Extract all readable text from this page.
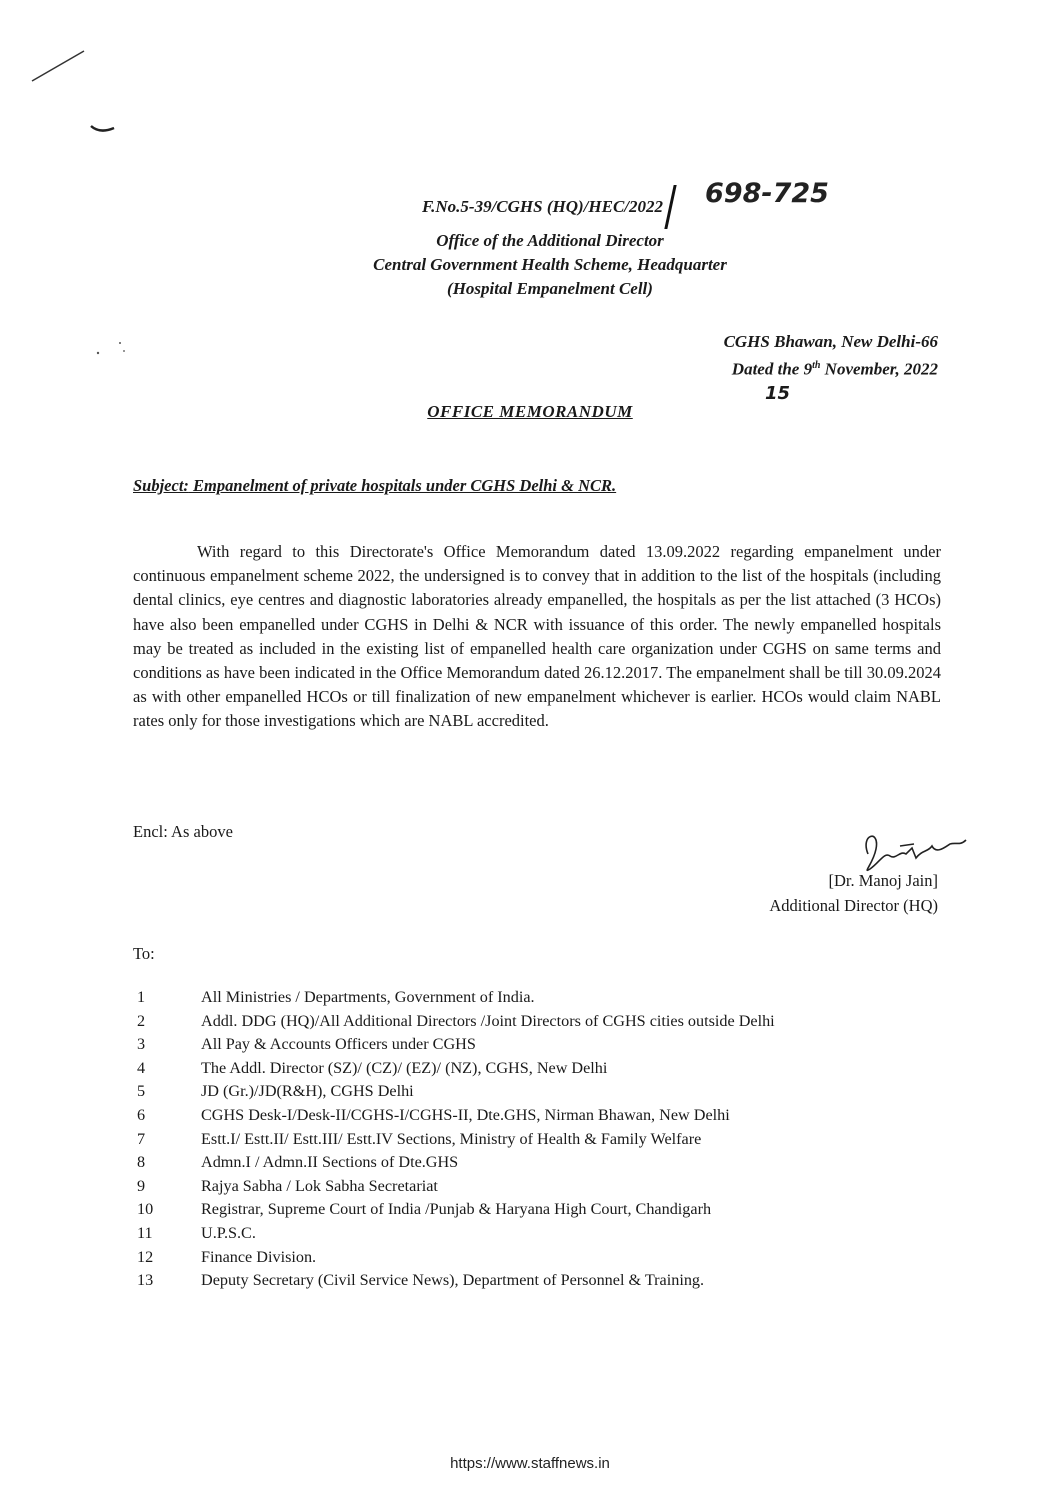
F.No.5-39/CGHS (HQ)/HEC/2022
Office of the Additional Director
Central Government Health Scheme, Headquarter
(Hospital Empanelment Cell)
698-725
CGHS Bhawan, New Delhi-66
Dated the 9th November, 2022
15
OFFICE MEMORANDUM
Subject: Empanelment of private hospitals under CGHS Delhi & NCR.
With regard to this Directorate's Office Memorandum dated 13.09.2022 regarding empanelment under continuous empanelment scheme 2022, the undersigned is to convey that in addition to the list of the hospitals (including dental clinics, eye centres and diagnostic laboratories already empanelled, the hospitals as per the list attached (3 HCOs) have also been empanelled under CGHS in Delhi & NCR with issuance of this order. The newly empanelled hospitals may be treated as included in the existing list of empanelled health care organization under CGHS on same terms and conditions as have been indicated in the Office Memorandum dated 26.12.2017. The empanelment shall be till 30.09.2024 as with other empanelled HCOs or till finalization of new empanelment whichever is earlier. HCOs would claim NABL rates only for those investigations which are NABL accredited.
Encl: As above
[Dr. Manoj Jain]
Additional Director (HQ)
To:
1	All Ministries / Departments, Government of India.
2	Addl. DDG (HQ)/All Additional Directors /Joint Directors of CGHS cities outside Delhi
3	All Pay & Accounts Officers under CGHS
4	The Addl. Director (SZ)/ (CZ)/ (EZ)/ (NZ), CGHS, New Delhi
5	JD (Gr.)/JD(R&H), CGHS Delhi
6	CGHS Desk-I/Desk-II/CGHS-I/CGHS-II, Dte.GHS, Nirman Bhawan, New Delhi
7	Estt.I/ Estt.II/ Estt.III/ Estt.IV Sections, Ministry of Health & Family Welfare
8	Admn.I / Admn.II Sections of Dte.GHS
9	Rajya Sabha / Lok Sabha Secretariat
10	Registrar, Supreme Court of India /Punjab & Haryana High Court, Chandigarh
11	U.P.S.C.
12	Finance Division.
13	Deputy Secretary (Civil Service News), Department of Personnel & Training.
https://www.staffnews.in
